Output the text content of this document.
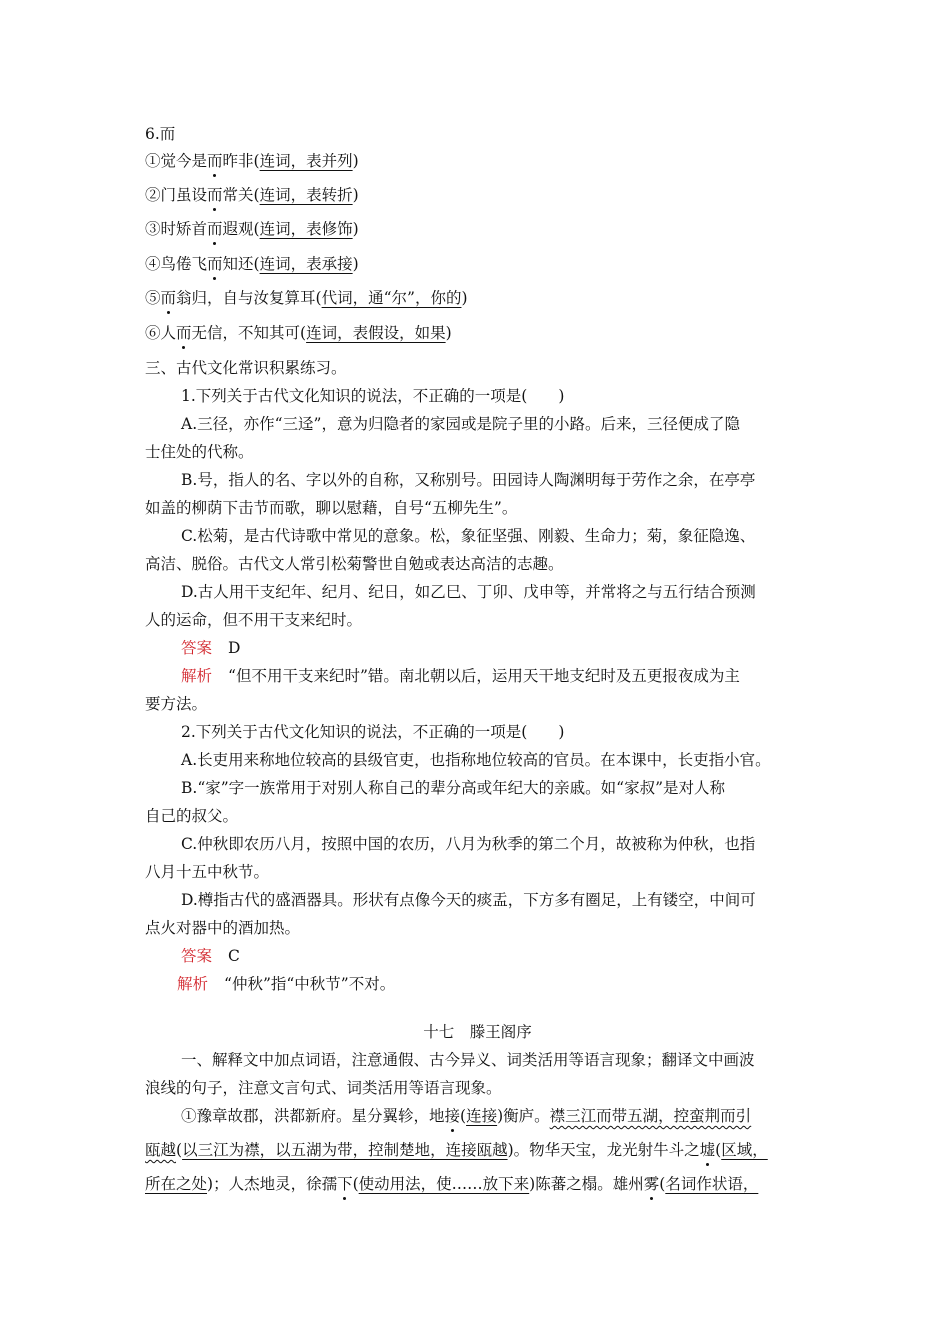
6.而
①觉今是而昨非(连词，表并列)
②门虽设而常关(连词，表转折)
③时矫首而遐观(连词，表修饰)
④鸟倦飞而知还(连词，表承接)
⑤而翁归，自与汝复算耳(代词，通“尔”，你的)
⑥人而无信，不知其可(连词，表假设，如果)
三、古代文化常识积累练习。
1.下列关于古代文化知识的说法，不正确的一项是(　　)
A.三径，亦作“三迳”，意为归隐者的家园或是院子里的小路。后来，三径便成了隐
士住处的代称。
B.号，指人的名、字以外的自称，又称别号。田园诗人陶渊明每于劳作之余，在亭亭
如盖的柳荫下击节而歌，聊以慰藉，自号“五柳先生”。
C.松菊，是古代诗歌中常见的意象。松，象征坚强、刚毅、生命力；菊，象征隐逸、
高洁、脱俗。古代文人常引松菊警世自勉或表达高洁的志趣。
D.古人用干支纪年、纪月、纪日，如乙巳、丁卯、戊申等，并常将之与五行结合预测
人的运命，但不用干支来纪时。
答案 D
解析 “但不用干支来纪时”错。南北朝以后，运用天干地支纪时及五更报夜成为主
要方法。
2.下列关于古代文化知识的说法，不正确的一项是(　　)
A.长吏用来称地位较高的县级官吏，也指称地位较高的官员。在本课中，长吏指小官。
B.“家”字一族常用于对别人称自己的辈分高或年纪大的亲戚。如“家叔”是对人称
自己的叔父。
C.仲秋即农历八月，按照中国的农历，八月为秋季的第二个月，故被称为仲秋，也指
八月十五中秋节。
D.樽指古代的盛酒器具。形状有点像今天的痰盂，下方多有圈足，上有镂空，中间可
点火对器中的酒加热。
答案 C
解析 “仲秋”指“中秋节”不对。
十七　滕王阁序
一、解释文中加点词语，注意通假、古今异义、词类活用等语言现象；翻译文中画波
浪线的句子，注意文言句式、词类活用等语言现象。
①豫章故郡，洪都新府。星分翼轸，地接(连接)衡庐。襟三江而带五湖，控蛮荆而引
瓯越(以三江为襟，以五湖为带，控制楚地，连接瓯越)。物华天宝，龙光射牛斗之墟(区域，
所在之处)；人杰地灵，徐孺下(使动用法，使……放下来)陈蕃之榻。雄州雾(名词作状语，
